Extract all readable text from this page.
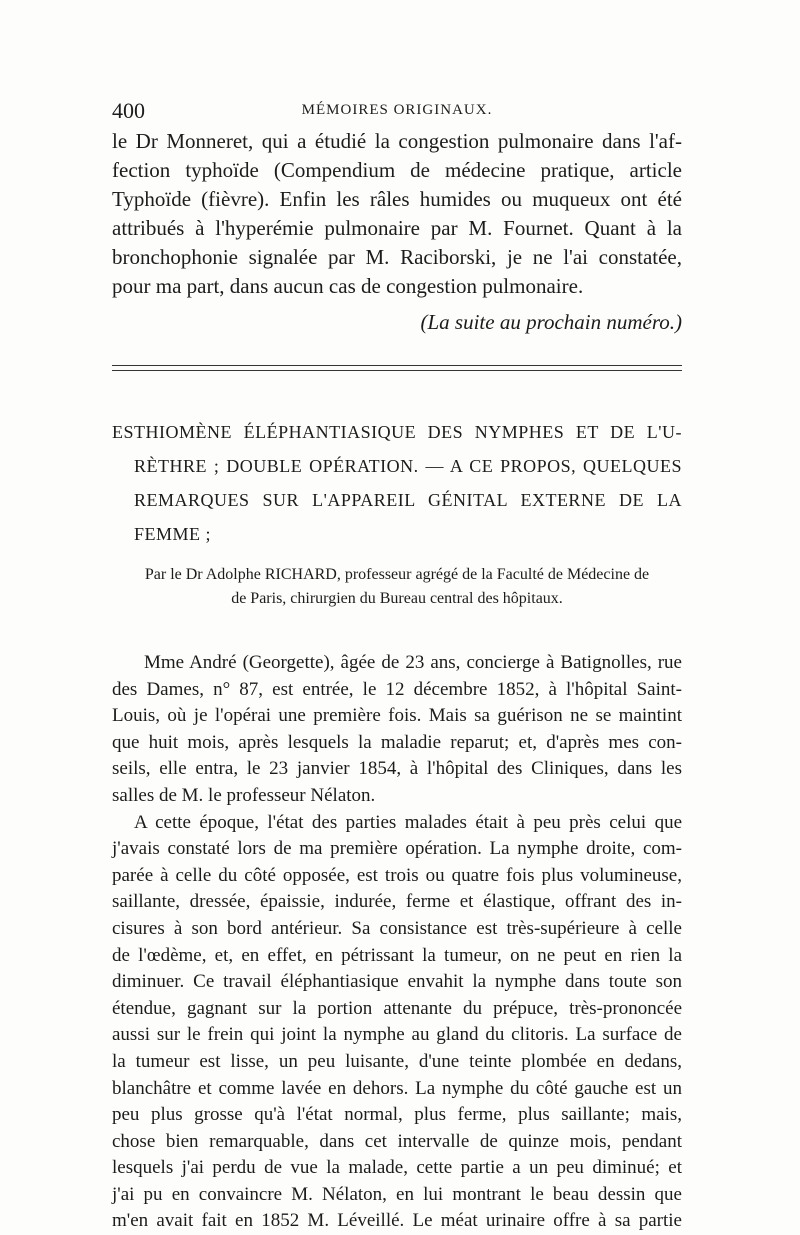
400	MÉMOIRES ORIGINAUX.
le Dr Monneret, qui a étudié la congestion pulmonaire dans l'af-
fection typhoïde (Compendium de médecine pratique, article
Typhoïde (fièvre). Enfin les râles humides ou muqueux ont été
attribués à l'hyperémie pulmonaire par M. Fournet. Quant à la
bronchophonie signalée par M. Raciborski, je ne l'ai constatée,
pour ma part, dans aucun cas de congestion pulmonaire.
(La suite au prochain numéro.)
ESTHIOMÈNE ÉLÉPHANTIASIQUE DES NYMPHES ET DE L'U-
RÈTHRE ; DOUBLE OPÉRATION. — A CE PROPOS, QUELQUES
REMARQUES SUR L'APPAREIL GÉNITAL EXTERNE DE LA
FEMME ;
Par le Dr Adolphe RICHARD, professeur agrégé de la Faculté de Médecine de
de Paris, chirurgien du Bureau central des hôpitaux.
Mme André (Georgette), âgée de 23 ans, concierge à Batignolles, rue
des Dames, n° 87, est entrée, le 12 décembre 1852, à l'hôpital Saint-
Louis, où je l'opérai une première fois. Mais sa guérison ne se maintint
que huit mois, après lesquels la maladie reparut; et, d'après mes con-
seils, elle entra, le 23 janvier 1854, à l'hôpital des Cliniques, dans les
salles de M. le professeur Nélaton.
A cette époque, l'état des parties malades était à peu près celui que
j'avais constaté lors de ma première opération. La nymphe droite, com-
parée à celle du côté opposée, est trois ou quatre fois plus volumineuse,
saillante, dressée, épaissie, indurée, ferme et élastique, offrant des in-
cisures à son bord antérieur. Sa consistance est très-supérieure à celle
de l'œdème, et, en effet, en pétrissant la tumeur, on ne peut en rien la
diminuer. Ce travail éléphantiasique envahit la nymphe dans toute son
étendue, gagnant sur la portion attenante du prépuce, très-prononcée
aussi sur le frein qui joint la nymphe au gland du clitoris. La surface de
la tumeur est lisse, un peu luisante, d'une teinte plombée en dedans,
blanchâtre et comme lavée en dehors. La nymphe du côté gauche est un
peu plus grosse qu'à l'état normal, plus ferme, plus saillante; mais,
chose bien remarquable, dans cet intervalle de quinze mois, pendant
lesquels j'ai perdu de vue la malade, cette partie a un peu diminué; et
j'ai pu en convaincre M. Nélaton, en lui montrant le beau dessin que
m'en avait fait en 1852 M. Léveillé. Le méat urinaire offre à sa partie
